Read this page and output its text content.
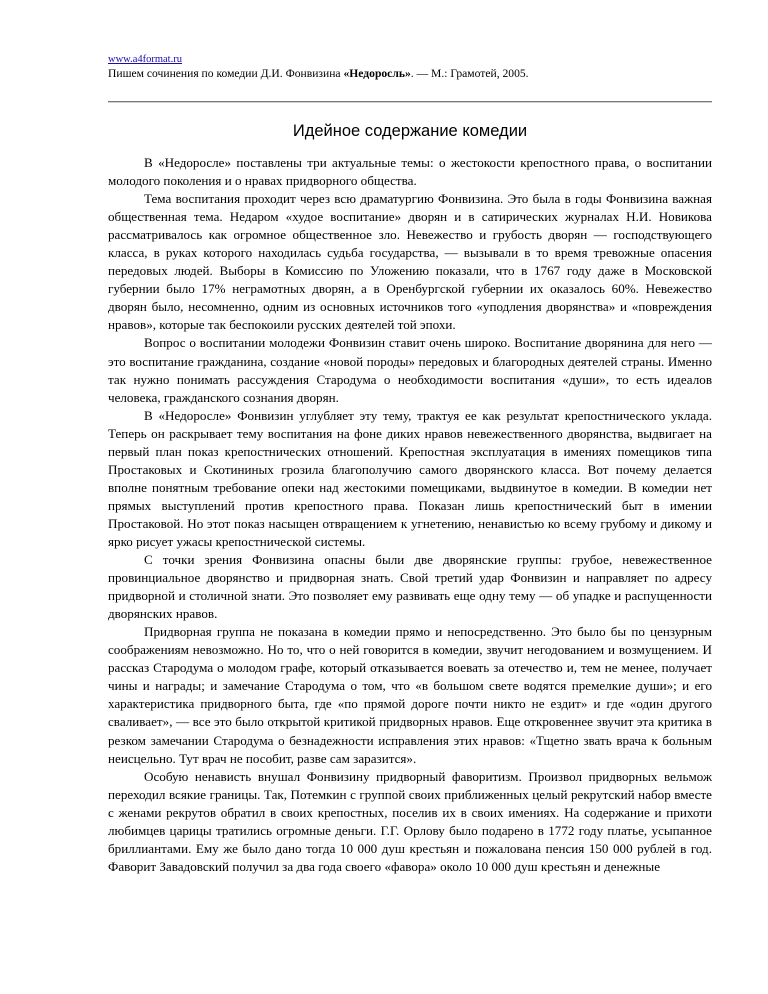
www.a4format.ru
Пишем сочинения по комедии Д.И. Фонвизина «Недоросль». — М.: Грамотей, 2005.
Идейное содержание комедии

В «Недоросле» поставлены три актуальные темы: о жестокости крепостного права, о воспитании молодого поколения и о нравах придворного общества.

Тема воспитания проходит через всю драматургию Фонвизина. Это была в годы Фонвизина важная общественная тема. Недаром «худое воспитание» дворян и в сатирических журналах Н.И. Новикова рассматривалось как огромное общественное зло. Невежество и грубость дворян — господствующего класса, в руках которого находилась судьба государства, — вызывали в то время тревожные опасения передовых людей. Выборы в Комиссию по Уложению показали, что в 1767 году даже в Московской губернии было 17% неграмотных дворян, а в Оренбургской губернии их оказалось 60%. Невежество дворян было, несомненно, одним из основных источников того «уподления дворянства» и «повреждения нравов», которые так беспокоили русских деятелей той эпохи.

Вопрос о воспитании молодежи Фонвизин ставит очень широко. Воспитание дворянина для него — это воспитание гражданина, создание «новой породы» передовых и благородных деятелей страны. Именно так нужно понимать рассуждения Стародума о необходимости воспитания «души», то есть идеалов человека, гражданского сознания дворян.

В «Недоросле» Фонвизин углубляет эту тему, трактуя ее как результат крепостнического уклада. Теперь он раскрывает тему воспитания на фоне диких нравов невежественного дворянства, выдвигает на первый план показ крепостнических отношений. Крепостная эксплуатация в имениях помещиков типа Простаковых и Скотининых грозила благополучию самого дворянского класса. Вот почему делается вполне понятным требование опеки над жестокими помещиками, выдвинутое в комедии. В комедии нет прямых выступлений против крепостного права. Показан лишь крепостнический быт в имении Простаковой. Но этот показ насыщен отвращением к угнетению, ненавистью ко всему грубому и дикому и ярко рисует ужасы крепостнической системы.

С точки зрения Фонвизина опасны были две дворянские группы: грубое, невежественное провинциальное дворянство и придворная знать. Свой третий удар Фонвизин и направляет по адресу придворной и столичной знати. Это позволяет ему развивать еще одну тему — об упадке и распущенности дворянских нравов.

Придворная группа не показана в комедии прямо и непосредственно. Это было бы по цензурным соображениям невозможно. Но то, что о ней говорится в комедии, звучит негодованием и возмущением. И рассказ Стародума о молодом графе, который отказывается воевать за отечество и, тем не менее, получает чины и награды; и замечание Стародума о том, что «в большом свете водятся премелкие души»; и его характеристика придворного быта, где «по прямой дороге почти никто не ездит» и где «один другого сваливает», — все это было открытой критикой придворных нравов. Еще откровеннее звучит эта критика в резком замечании Стародума о безнадежности исправления этих нравов: «Тщетно звать врача к больным неисцельно. Тут врач не пособит, разве сам заразится».

Особую ненависть внушал Фонвизину придворный фаворитизм. Произвол придворных вельмож переходил всякие границы. Так, Потемкин с группой своих приближенных целый рекрутский набор вместе с женами рекрутов обратил в своих крепостных, поселив их в своих имениях. На содержание и прихоти любимцев царицы тратились огромные деньги. Г.Г. Орлову было подарено в 1772 году платье, усыпанное бриллиантами. Ему же было дано тогда 10 000 душ крестьян и пожалована пенсия 150 000 рублей в год. Фаворит Завадовский получил за два года своего «фавора» около 10 000 душ крестьян и денежные
